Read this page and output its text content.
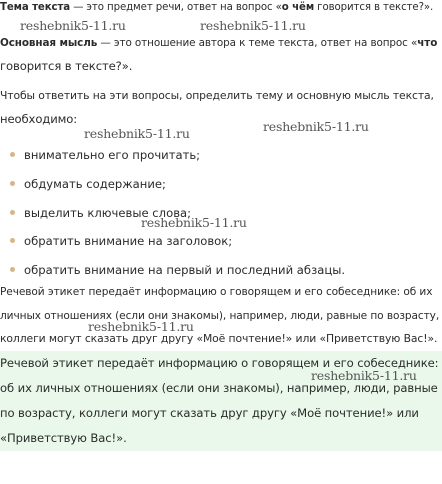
Тема текста — это предмет речи, ответ на вопрос «о чём говорится в тексте?».
Основная мысль — это отношение автора к теме текста, ответ на вопрос «что
говорится в тексте?».
Чтобы ответить на эти вопросы, определить тему и основную мысль текста,
необходимо:
внимательно его прочитать;
обдумать содержание;
выделить ключевые слова;
обратить внимание на заголовок;
обратить внимание на первый и последний абзацы.
Речевой этикет передаёт информацию о говорящем и его собеседнике: об их
личных отношениях (если они знакомы), например, люди, равные по возрасту,
коллеги могут сказать друг другу «Моё почтение!» или «Приветствую Вас!».
Речевой этикет передаёт информацию о говорящем и его собеседнике:
об их личных отношениях (если они знакомы), например, люди, равные
по возрасту, коллеги могут сказать друг другу «Моё почтение!» или
«Приветствую Вас!».
reshebnik5-11.ru	reshebnik5-11.ru
reshebnik5-11.ru	reshebnik5-11.ru
reshebnik5-11.ru
reshebnik5-11.ru
reshebnik5-11.ru
